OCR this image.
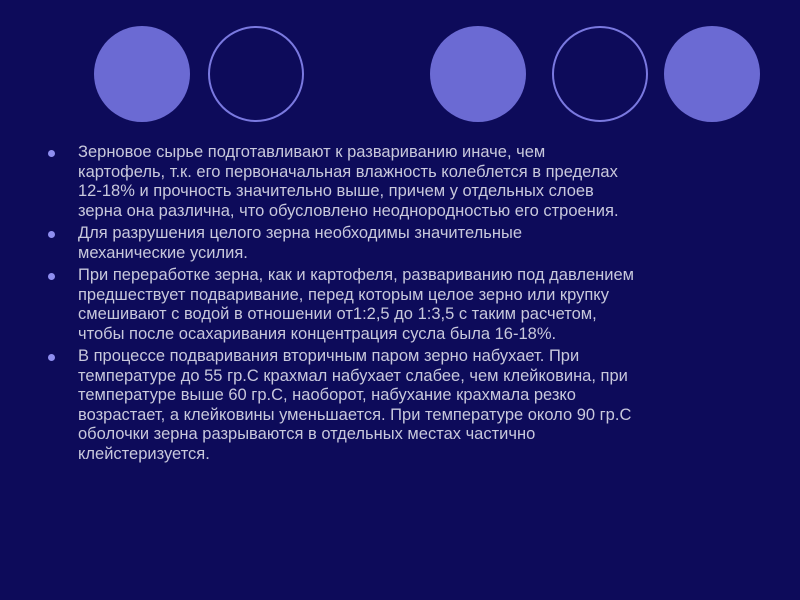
Зерновое сырье подготавливают к развариванию иначе, чем
картофель, т.к. его первоначальная влажность колеблется в пределах
12-18% и прочность значительно выше, причем у отдельных слоев
зерна она различна, что обусловлено неоднородностью его строения.
Для разрушения целого зерна необходимы значительные
механические усилия.
При переработке зерна, как и картофеля, развариванию под давлением
предшествует подваривание, перед которым целое зерно или крупку
смешивают с водой в отношении от1:2,5 до 1:3,5 с таким расчетом,
чтобы после осахаривания концентрация сусла была 16-18%.
В процессе подваривания вторичным паром зерно набухает. При
температуре до 55 гр.С крахмал набухает слабее, чем клейковина, при
температуре выше 60 гр.С, наоборот, набухание крахмала резко
возрастает, а клейковины уменьшается. При температуре около 90 гр.С
оболочки зерна разрываются в отдельных местах частично
клейстеризуется.
